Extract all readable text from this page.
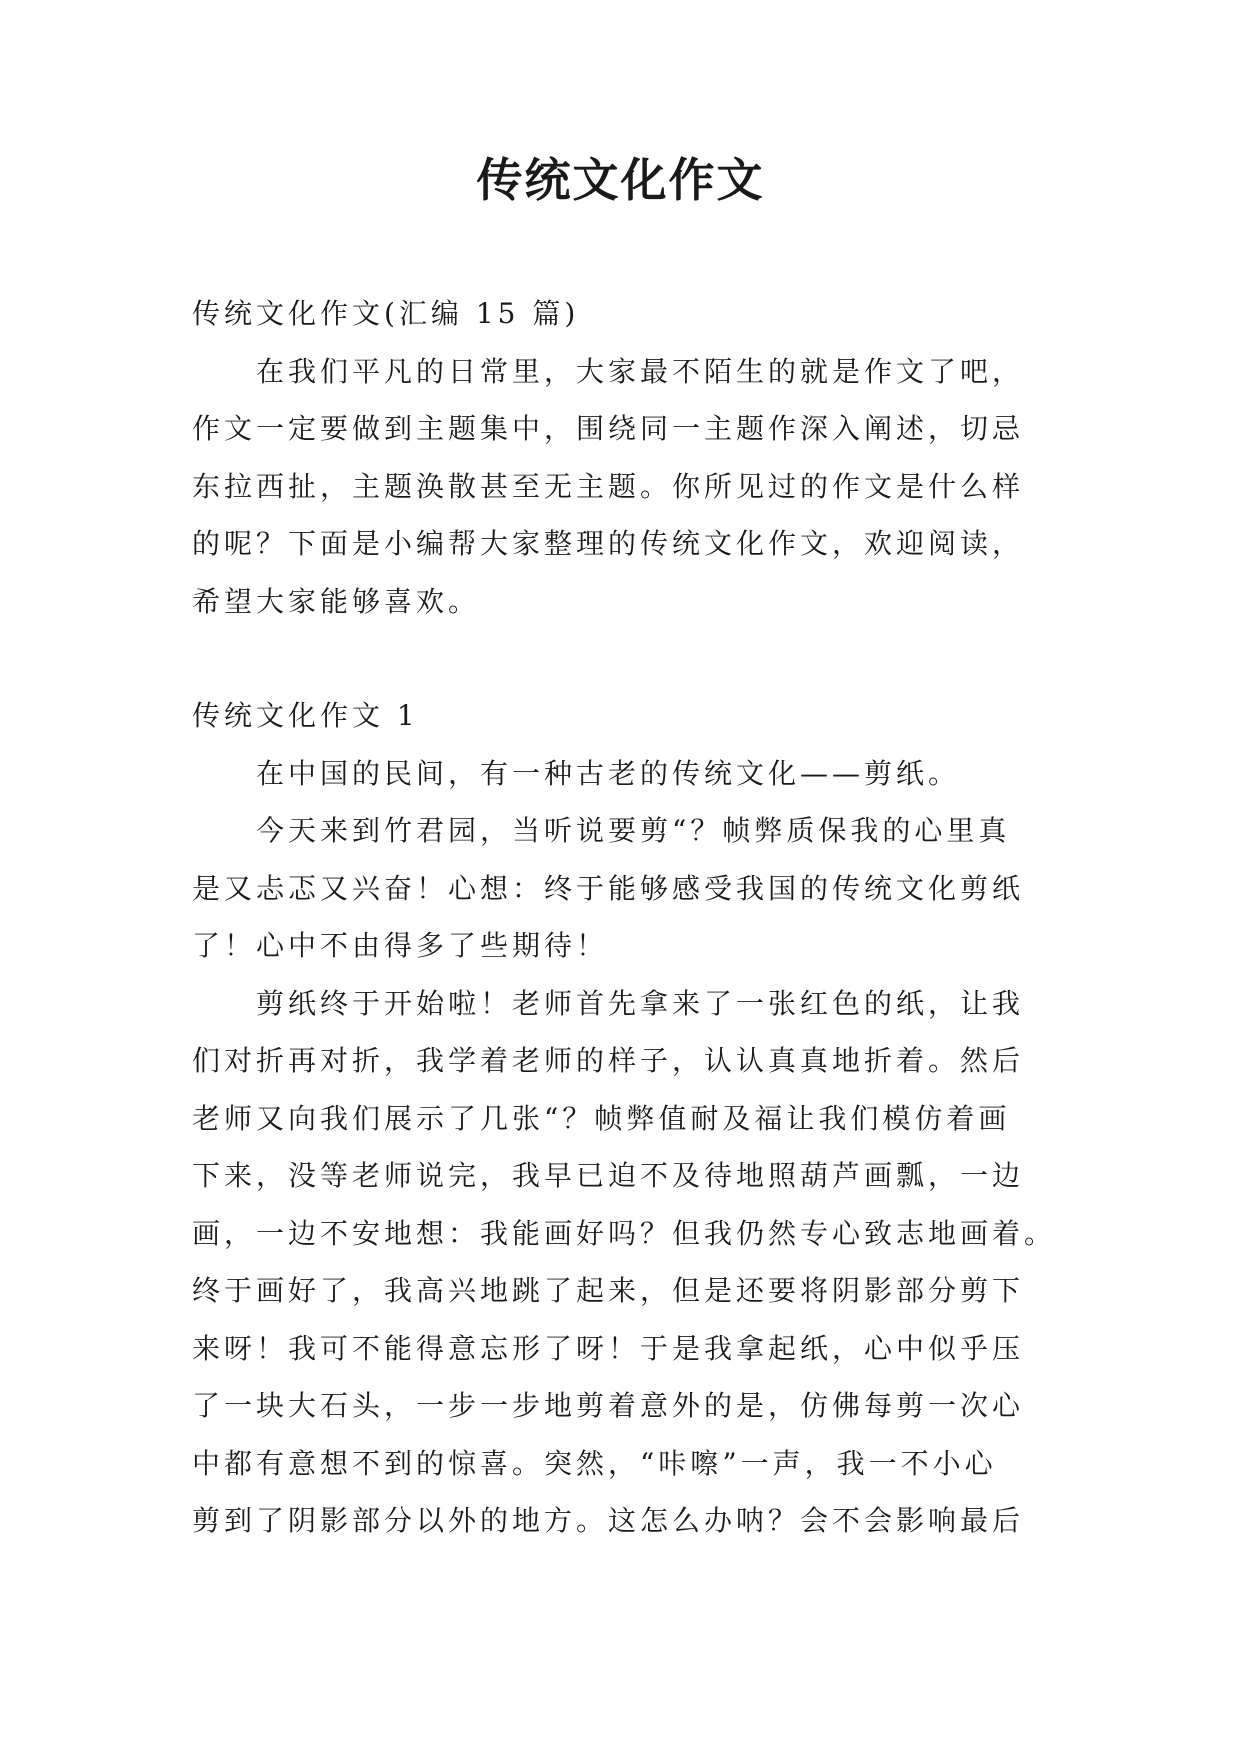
传统文化作文

传统文化作文(汇编 15 篇)

在我们平凡的日常里，大家最不陌生的就是作文了吧，

作文一定要做到主题集中，围绕同一主题作深入阐述，切忌

东拉西扯，主题涣散甚至无主题。你所见过的作文是什么样

的呢？下面是小编帮大家整理的传统文化作文，欢迎阅读，

希望大家能够喜欢。

传统文化作文 1

在中国的民间，有一种古老的传统文化——剪纸。

今天来到竹君园，当听说要剪“？帧弊质保我的心里真

是又忐忑又兴奋！心想：终于能够感受我国的传统文化剪纸

了！心中不由得多了些期待！

剪纸终于开始啦！老师首先拿来了一张红色的纸，让我

们对折再对折，我学着老师的样子，认认真真地折着。然后

老师又向我们展示了几张“？帧弊值耐及福让我们模仿着画

下来，没等老师说完，我早已迫不及待地照葫芦画瓢，一边

画，一边不安地想：我能画好吗？但我仍然专心致志地画着。

终于画好了，我高兴地跳了起来，但是还要将阴影部分剪下

来呀！我可不能得意忘形了呀！于是我拿起纸，心中似乎压

了一块大石头，一步一步地剪着意外的是，仿佛每剪一次心

中都有意想不到的惊喜。突然，“咔嚓”一声，我一不小心

剪到了阴影部分以外的地方。这怎么办呐？会不会影响最后
